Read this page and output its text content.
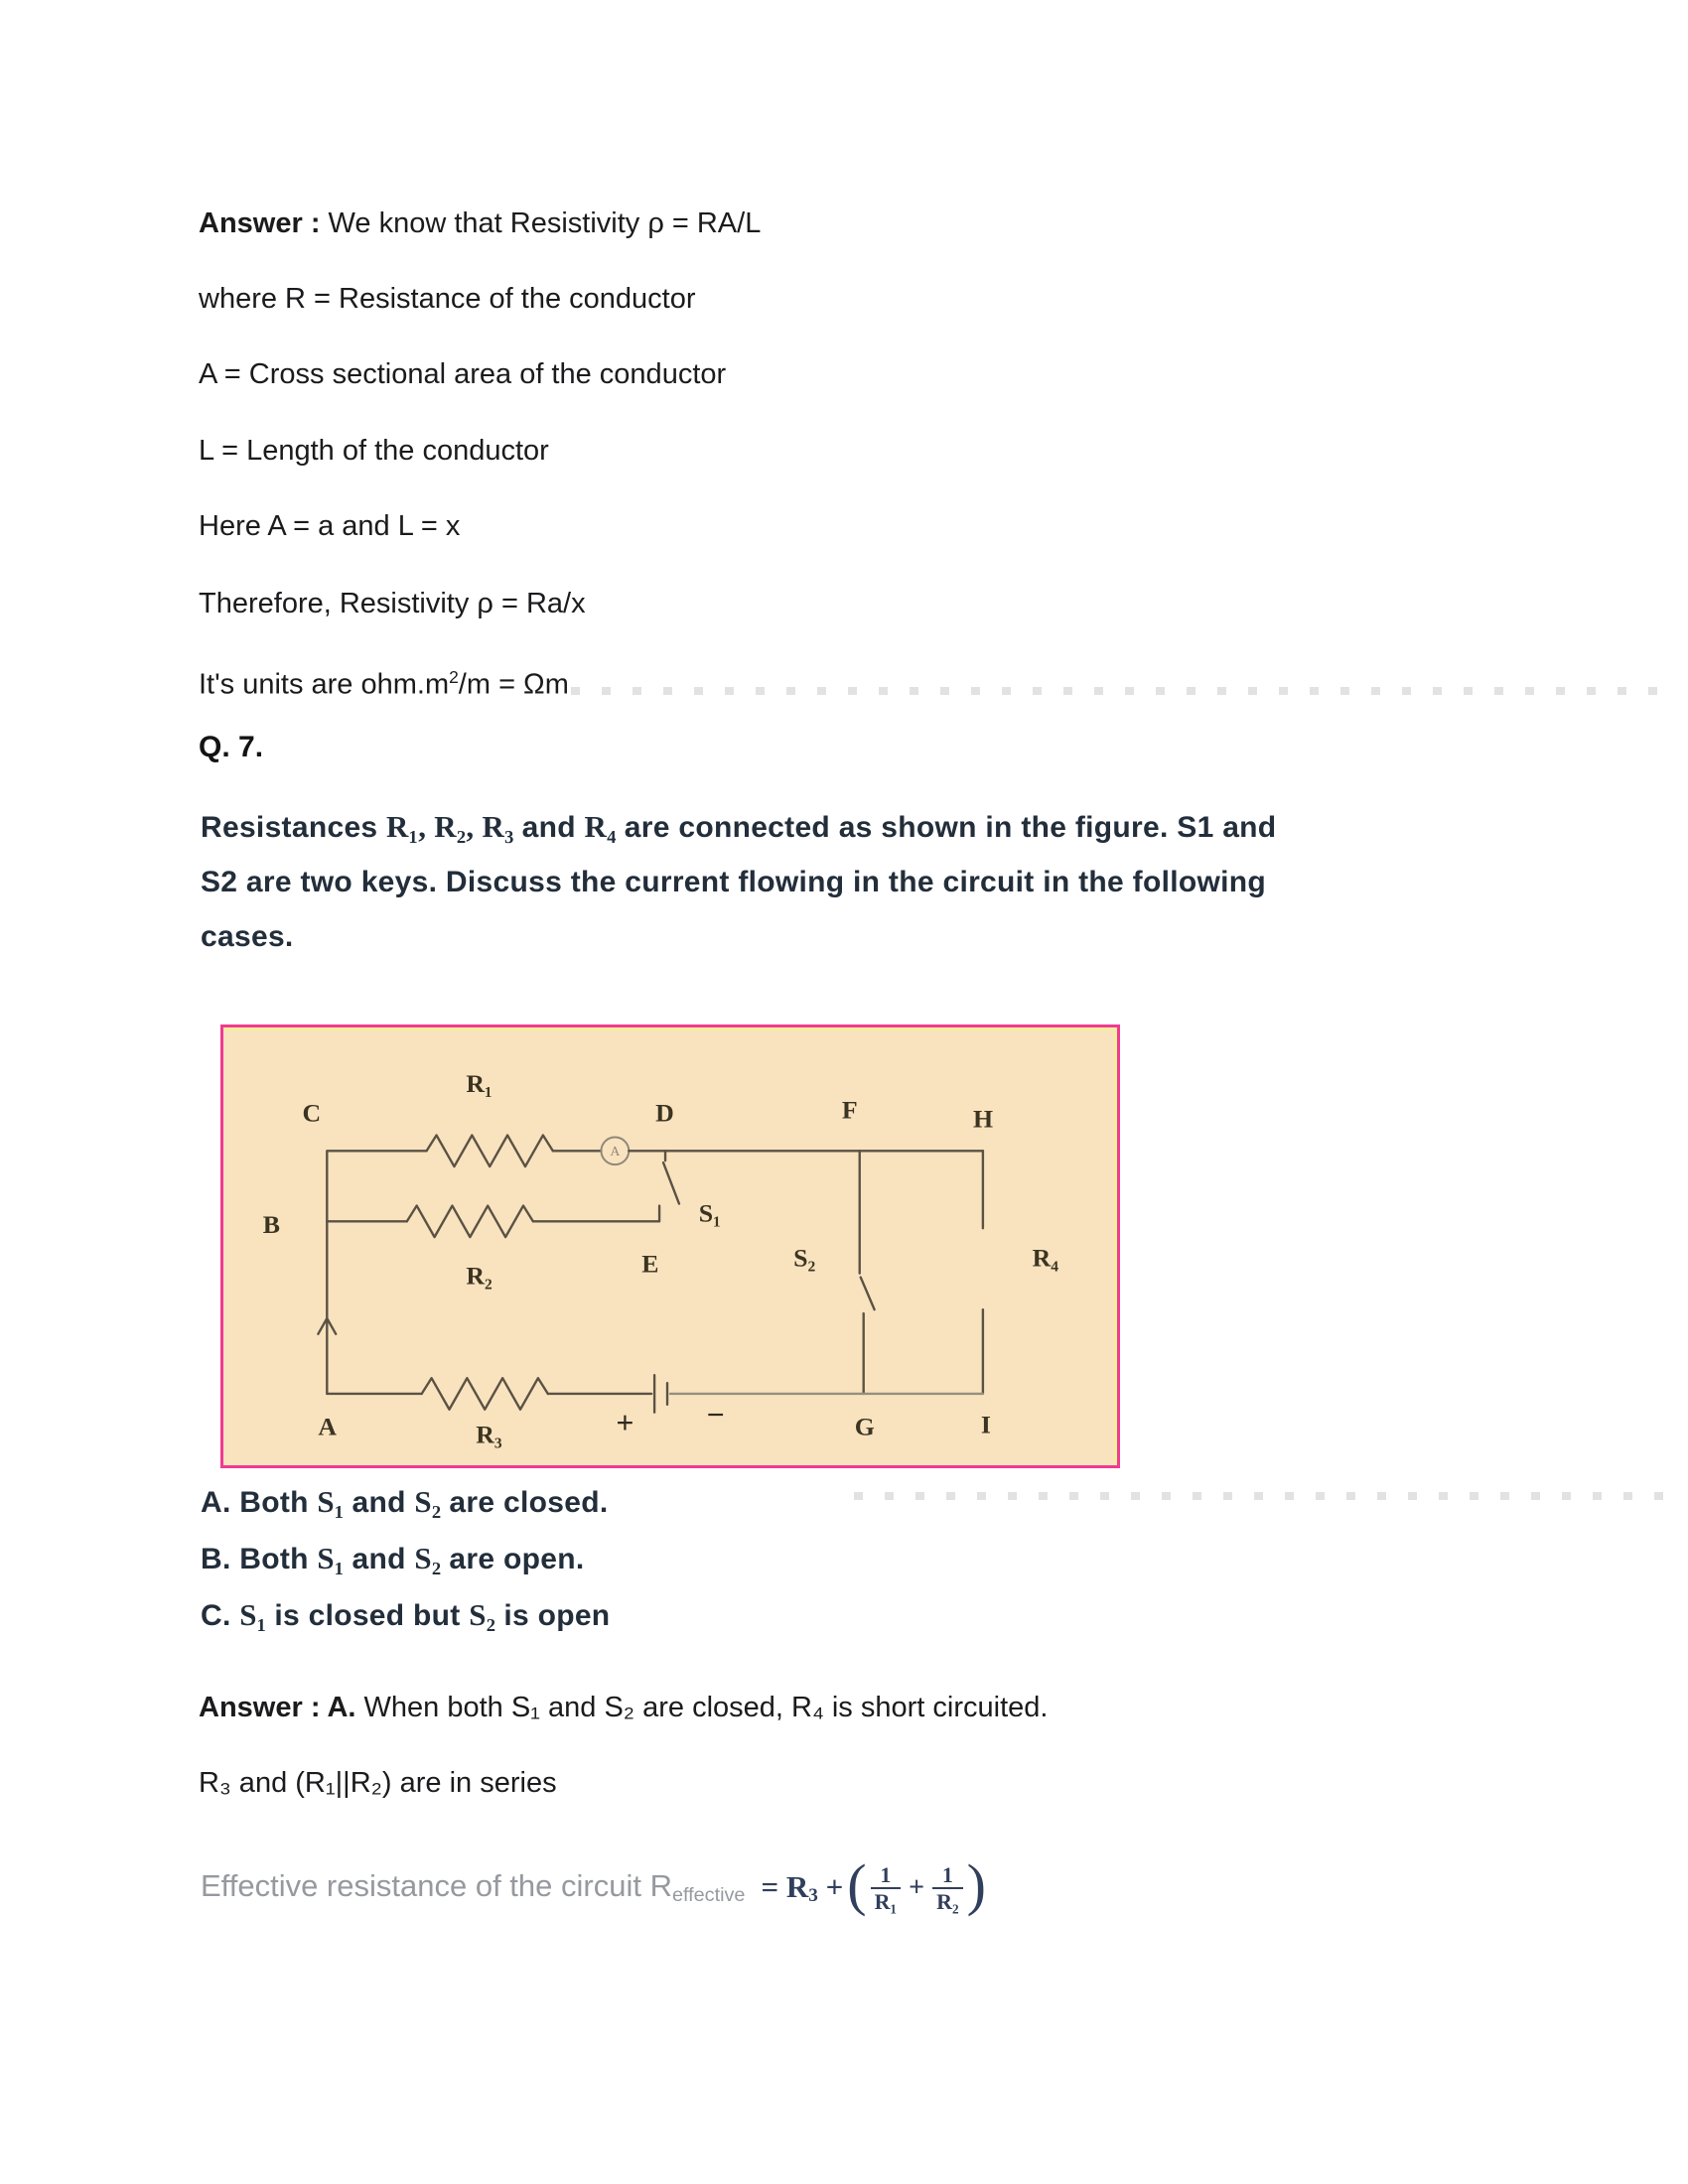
Answer : We know that Resistivity ρ = RA/L
where R = Resistance of the conductor
A = Cross sectional area of the conductor
L = Length of the conductor
Here A = a and L = x
Therefore, Resistivity ρ = Ra/x
It's units are $ohm.m^2/m = \Omega m$
Q. 7.
Resistances R₁, R₂, R₃ and R₄ are connected as shown in the figure. S1 and
S2 are two keys. Discuss the current flowing in the circuit in the following
cases.
A
C
R₁
D	F	H
B
R₂	E
S₁
S₂	R₄
A	R₃	+ −	G	I
A. Both S₁ and S₂ are closed.
B. Both S₁ and S₂ are open.
C. S₁ is closed but S₂ is open
Answer : A. When both S₁ and S₂ are closed, R₄ is short circuited.
R₃ and (R₁||R₂) are in series
Effective resistance of the circuit Reffective = R3 + ( $\frac{1}{\text{R₁}} + \frac{1}{\text{R₂}}$ )
